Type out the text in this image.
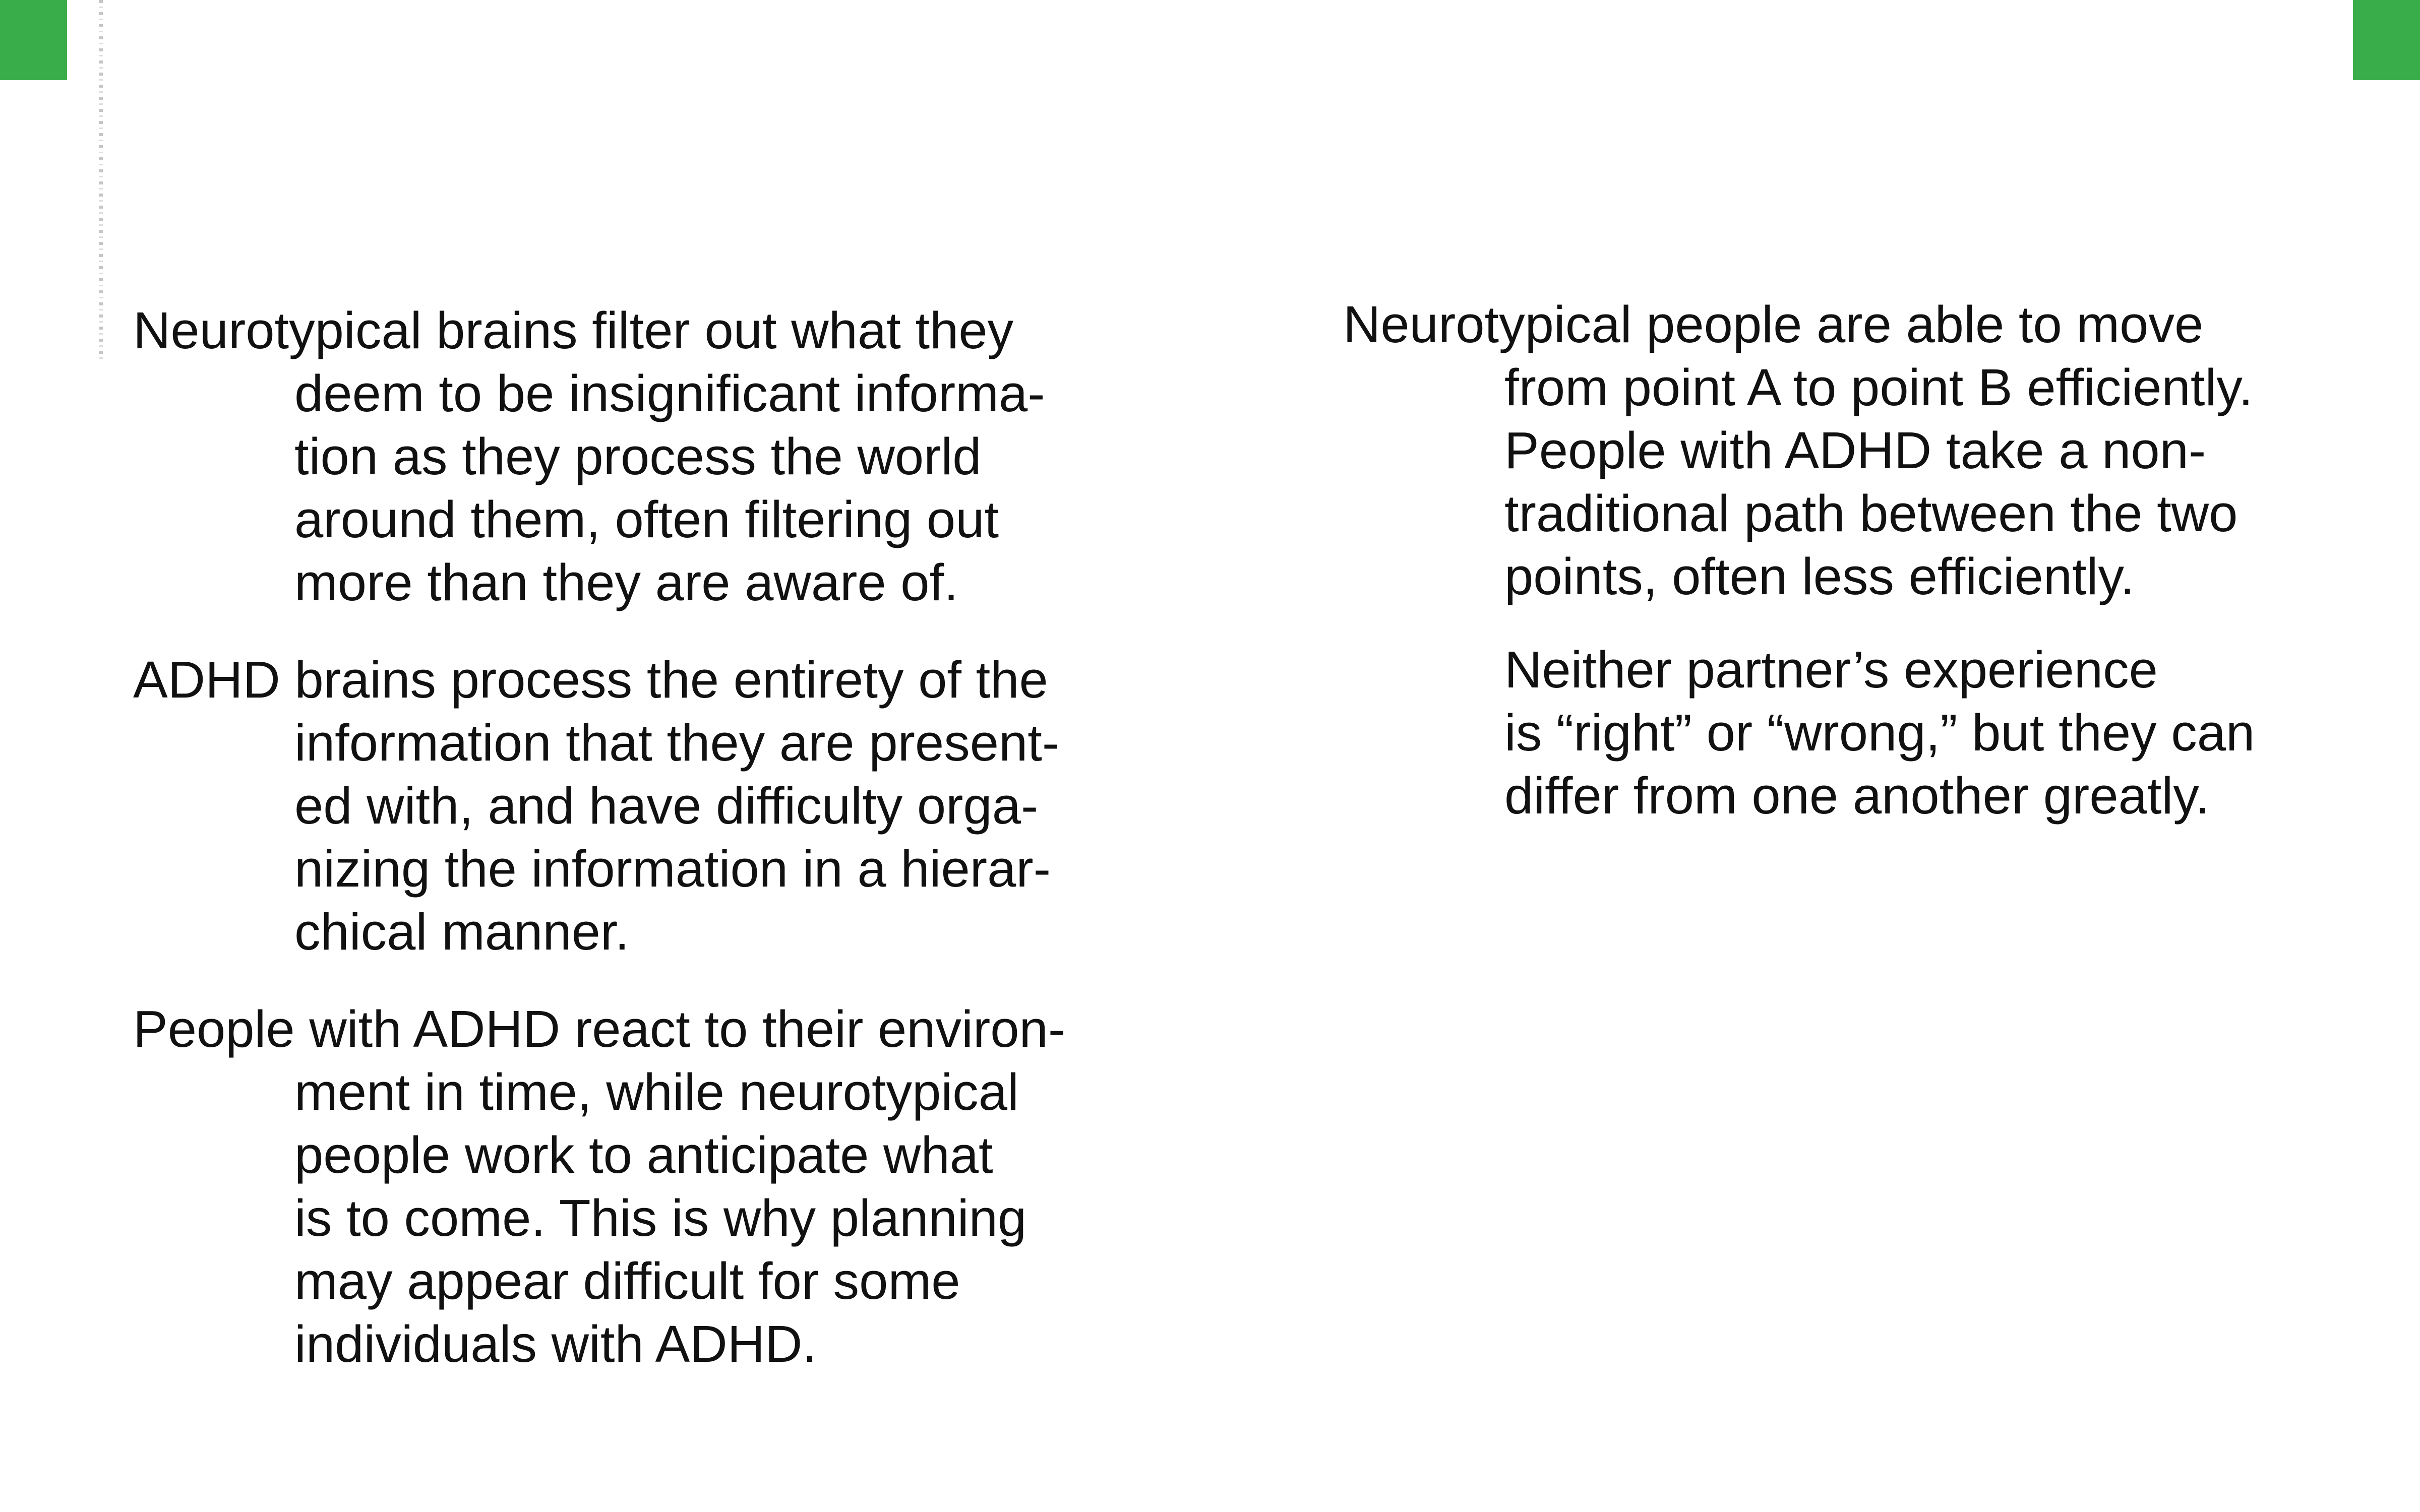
Neurotypical brains filter out what they
deem to be insignificant informa-
tion as they process the world
around them, often filtering out
more than they are aware of.

ADHD brains process the entirety of the
information that they are present-
ed with, and have difficulty orga-
nizing the information in a hierar-
chical manner.

People with ADHD react to their environ-
ment in time, while neurotypical
people work to anticipate what
is to come. This is why planning
may appear difficult for some
individuals with ADHD.

Neurotypical people are able to move
from point A to point B efficiently.
People with ADHD take a non-
traditional path between the two
points, often less efficiently.

Neither partner’s experience
is “right” or “wrong,” but they can
differ from one another greatly.
